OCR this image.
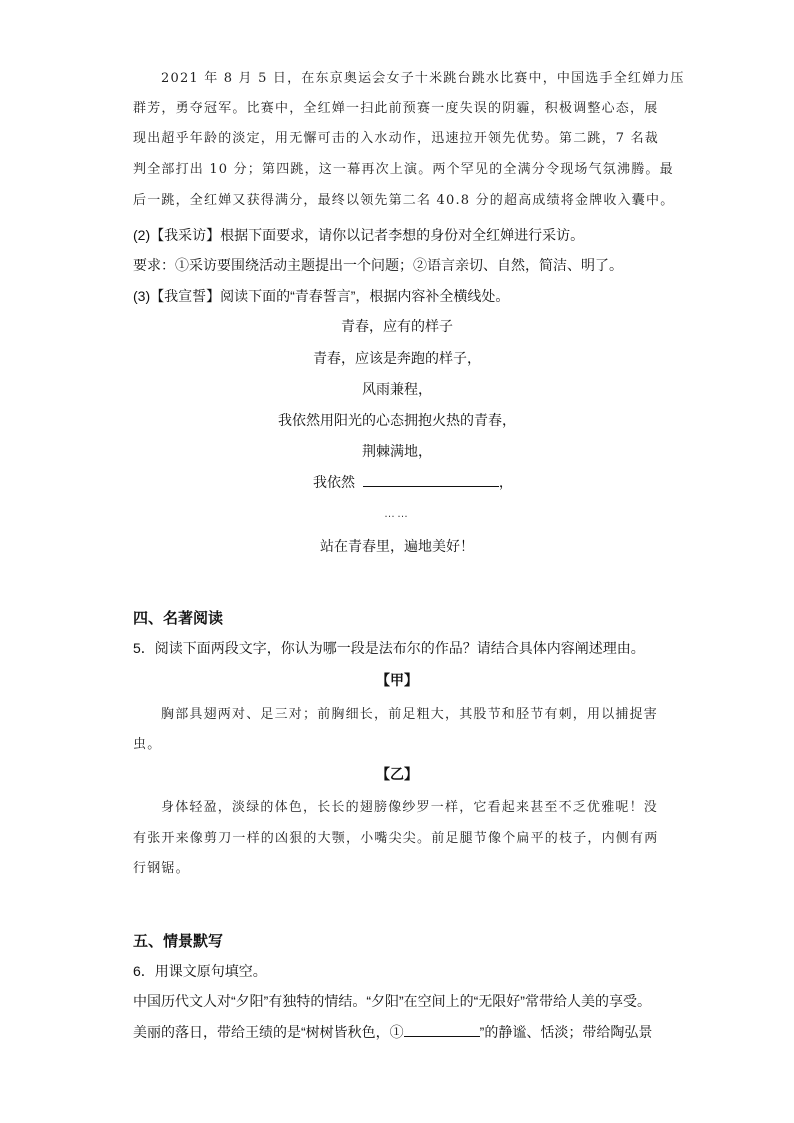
2021 年 8 月 5 日，在东京奥运会女子十米跳台跳水比赛中，中国选手全红婵力压
群芳，勇夺冠军。比赛中，全红婵一扫此前预赛一度失误的阴霾，积极调整心态，展
现出超乎年龄的淡定，用无懈可击的入水动作，迅速拉开领先优势。第二跳，7 名裁
判全部打出 10 分；第四跳，这一幕再次上演。两个罕见的全满分令现场气氛沸腾。最
后一跳，全红婵又获得满分，最终以领先第二名 40.8 分的超高成绩将金牌收入囊中。
(2)【我采访】根据下面要求，请你以记者李想的身份对全红婵进行采访。
要求：①采访要围绕活动主题提出一个问题；②语言亲切、自然，简洁、明了。
(3)【我宣誓】阅读下面的“青春誓言”，根据内容补全横线处。
青春，应有的样子
青春，应该是奔跑的样子，
风雨兼程，
我依然用阳光的心态拥抱火热的青春，
荆棘满地，
我依然	，
……
站在青春里，遍地美好！
四、名著阅读
5．阅读下面两段文字，你认为哪一段是法布尔的作品？请结合具体内容阐述理由。
【甲】
胸部具翅两对、足三对；前胸细长，前足粗大，其股节和胫节有刺，用以捕捉害
虫。
【乙】
身体轻盈，淡绿的体色，长长的翅膀像纱罗一样，它看起来甚至不乏优雅呢！没
有张开来像剪刀一样的凶狠的大颚，小嘴尖尖。前足腿节像个扁平的枝子，内侧有两
行钢锯。
五、情景默写
6．用课文原句填空。
中国历代文人对“夕阳”有独特的情结。“夕阳”在空间上的“无限好”常带给人美的享受。
美丽的落日，带给王绩的是“树树皆秋色，①	”的静谧、恬淡；带给陶弘景
